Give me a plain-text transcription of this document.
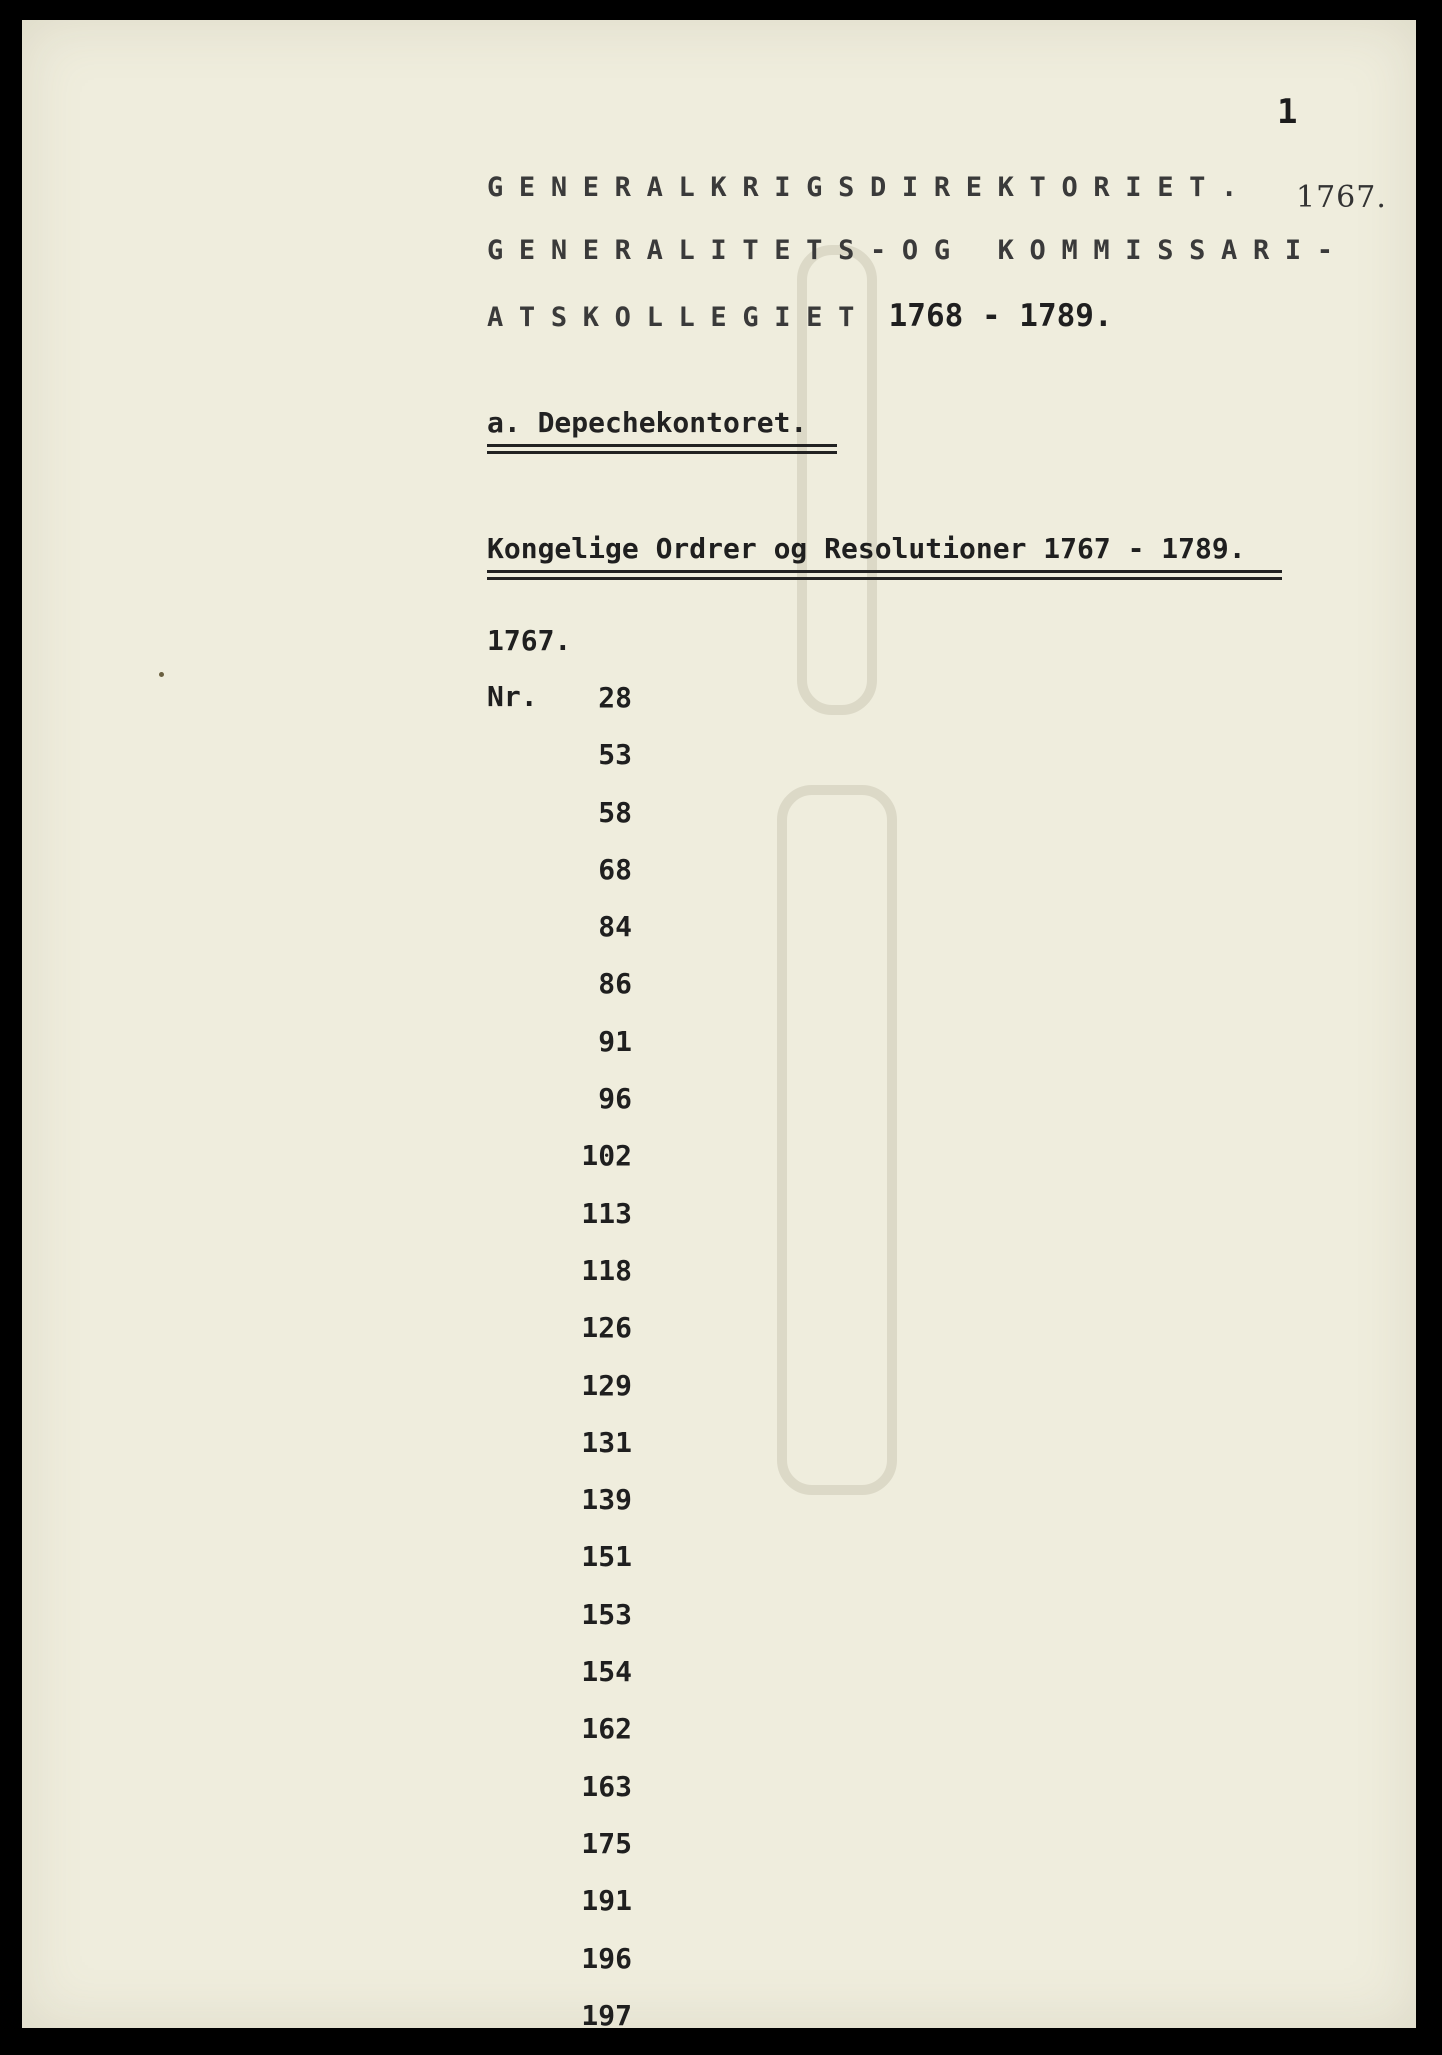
1
GENERALKRIGSDIREKTORIET. 1767.
GENERALITETS-OG KOMMISSARI-
ATSKOLLEGIET 1768 - 1789.
a. Depechekontoret.
Kongelige Ordrer og Resolutioner 1767 - 1789.
1767.
Nr.	28
53
58
68
84
86
91
96
102
113
118
126
129
131
139
151
153
154
162
163
175
191
196
197
